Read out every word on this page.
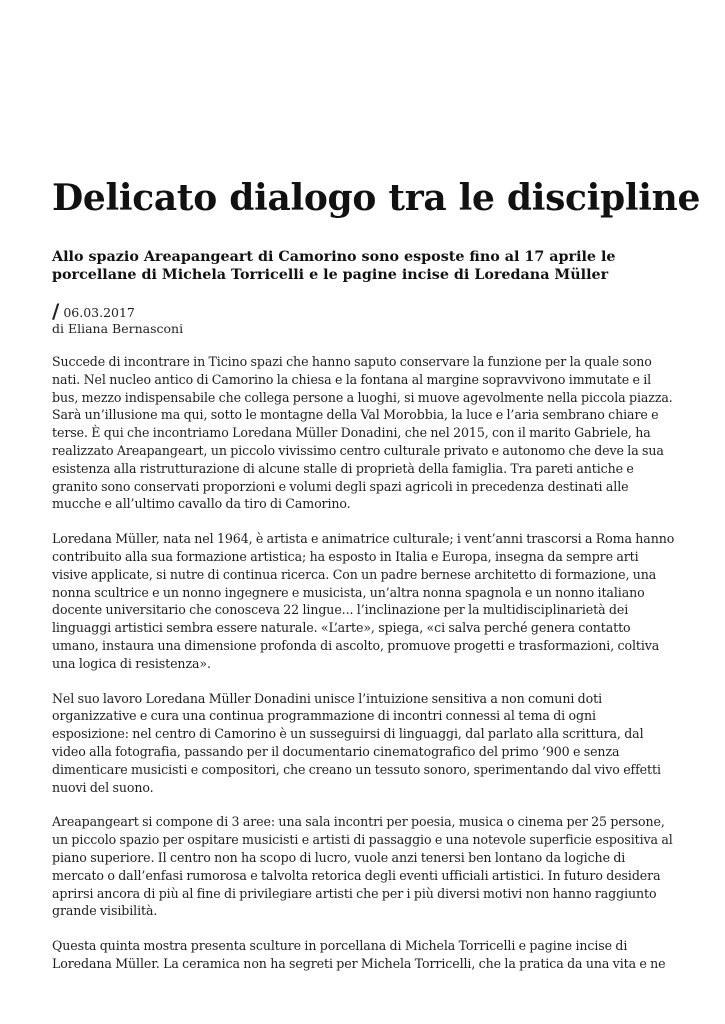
Delicato dialogo tra le discipline
Allo spazio Areapangeart di Camorino sono esposte fino al 17 aprile le porcellane di Michela Torricelli e le pagine incise di Loredana Müller
/ 06.03.2017
di Eliana Bernasconi

Succede di incontrare in Ticino spazi che hanno saputo conservare la funzione per la quale sono nati. Nel nucleo antico di Camorino la chiesa e la fontana al margine sopravvivono immutate e il bus, mezzo indispensabile che collega persone a luoghi, si muove agevolmente nella piccola piazza. Sarà un’illusione ma qui, sotto le montagne della Val Morobbia, la luce e l’aria sembrano chiare e terse. È qui che incontriamo Loredana Müller Donadini, che nel 2015, con il marito Gabriele, ha realizzato Areapangeart, un piccolo vivissimo centro culturale privato e autonomo che deve la sua esistenza alla ristrutturazione di alcune stalle di proprietà della famiglia. Tra pareti antiche e granito sono conservati proporzioni e volumi degli spazi agricoli in precedenza destinati alle mucche e all’ultimo cavallo da tiro di Camorino.

Loredana Müller, nata nel 1964, è artista e animatrice culturale; i vent’anni trascorsi a Roma hanno contribuito alla sua formazione artistica; ha esposto in Italia e Europa, insegna da sempre arti visive applicate, si nutre di continua ricerca. Con un padre bernese architetto di formazione, una nonna scultrice e un nonno ingegnere e musicista, un’altra nonna spagnola e un nonno italiano docente universitario che conosceva 22 lingue... l’inclinazione per la multidisciplinarietà dei linguaggi artistici sembra essere naturale. «L’arte», spiega, «ci salva perché genera contatto umano, instaura una dimensione profonda di ascolto, promuove progetti e trasformazioni, coltiva una logica di resistenza».

Nel suo lavoro Loredana Müller Donadini unisce l’intuizione sensitiva a non comuni doti organizzative e cura una continua programmazione di incontri connessi al tema di ogni esposizione: nel centro di Camorino è un susseguirsi di linguaggi, dal parlato alla scrittura, dal video alla fotografia, passando per il documentario cinematografico del primo ’900 e senza dimenticare musicisti e compositori, che creano un tessuto sonoro, sperimentando dal vivo effetti nuovi del suono.

Areapangeart si compone di 3 aree: una sala incontri per poesia, musica o cinema per 25 persone, un piccolo spazio per ospitare musicisti e artisti di passaggio e una notevole superficie espositiva al piano superiore. Il centro non ha scopo di lucro, vuole anzi tenersi ben lontano da logiche di mercato o dall’enfasi rumorosa e talvolta retorica degli eventi ufficiali artistici. In futuro desidera aprirsi ancora di più al fine di privilegiare artisti che per i più diversi motivi non hanno raggiunto grande visibilità.

Questa quinta mostra presenta sculture in porcellana di Michela Torricelli e pagine incise di Loredana Müller. La ceramica non ha segreti per Michela Torricelli, che la pratica da una vita e ne
